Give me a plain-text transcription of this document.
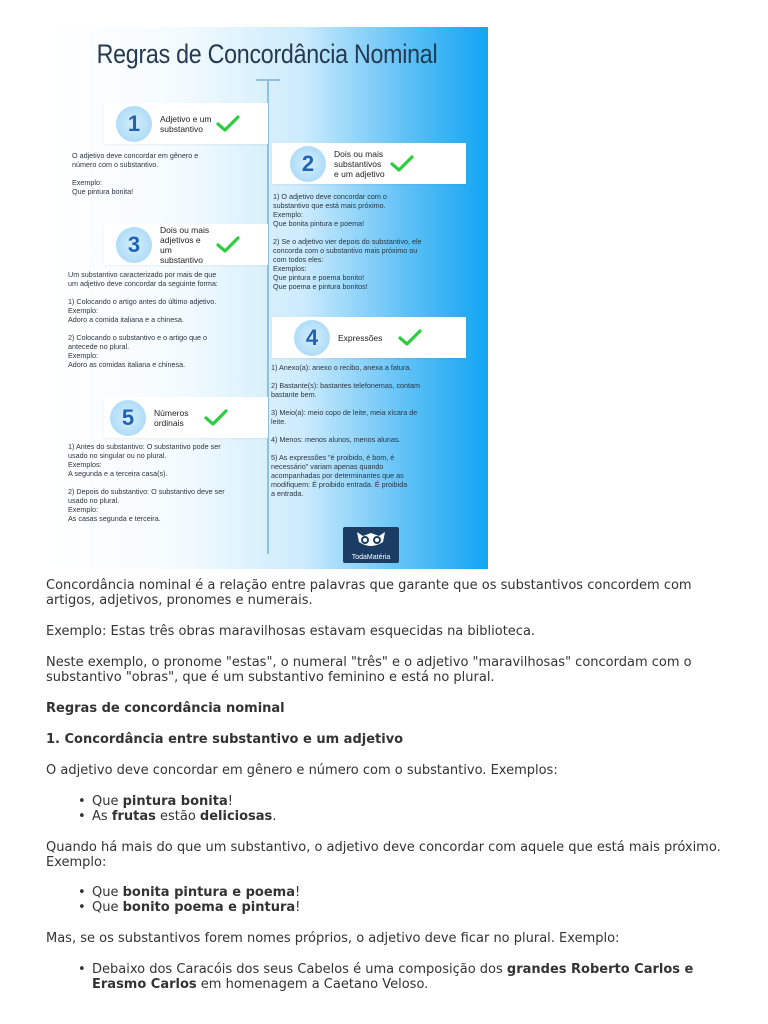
Regras de Concordância Nominal
1	Adjetivo e um substantivo
O adjetivo deve concordar em gênero e
número com o substantivo.

Exemplo:
Que pintura bonita!
2	Dois ou mais substantivos e um adjetivo
1) O adjetivo deve concordar com o
substantivo que está mais próximo.
Exemplo:
Que bonita pintura e poema!

2) Se o adjetivo vier depois do substantivo, ele
concorda com o substantivo mais próximo ou
com todos eles:
Exemplos:
Que pintura e poema bonito!
Que poema e pintura bonitos!
3
Dois ou mais adjetivos e um substantivo
Um substantivo caracterizado por mais de que
um adjetivo deve concordar da seguinte forma:

1) Colocando o artigo antes do último adjetivo.
Exemplo:
Adoro a comida italiana e a chinesa.

2) Colocando o substantivo e o artigo que o
antecede no plural.
Exemplo:
Adoro as comidas italiana e chinesa.
4	Expressões
1) Anexo(a): anexo o recibo, anexa a fatura.

2) Bastante(s): bastantes telefonemas, contam
bastante bem.

3) Meio(a): meio copo de leite, meia xícara de
leite.

4) Menos: menos alunos, menos alunas.

5) As expressões "é proibido, é bom, é
necessário" variam apenas quando
acompanhadas por determinantes que as
modifiquem: É proibido entrada. É proibida
a entrada.
5	Números ordinais
1) Antes do substantivo: O substantivo pode ser
usado no singular ou no plural.
Exemplos:
A segunda e a terceira casa(s).

2) Depois do substantivo: O substantivo deve ser
usado no plural.
Exemplo:
As casas segunda e terceira.
TodaMatéria

Concordância nominal é a relação entre palavras que garante que os substantivos concordem com artigos, adjetivos, pronomes e numerais.

Exemplo: Estas três obras maravilhosas estavam esquecidas na biblioteca.

Neste exemplo, o pronome "estas", o numeral "três" e o adjetivo "maravilhosas" concordam com o substantivo "obras", que é um substantivo feminino e está no plural.

Regras de concordância nominal

1. Concordância entre substantivo e um adjetivo

O adjetivo deve concordar em gênero e número com o substantivo. Exemplos:

• Que pintura bonita!
• As frutas estão deliciosas.

Quando há mais do que um substantivo, o adjetivo deve concordar com aquele que está mais próximo. Exemplo:

• Que bonita pintura e poema!
• Que bonito poema e pintura!

Mas, se os substantivos forem nomes próprios, o adjetivo deve ficar no plural. Exemplo:

• Debaixo dos Caracóis dos seus Cabelos é uma composição dos grandes Roberto Carlos e Erasmo Carlos em homenagem a Caetano Veloso.
